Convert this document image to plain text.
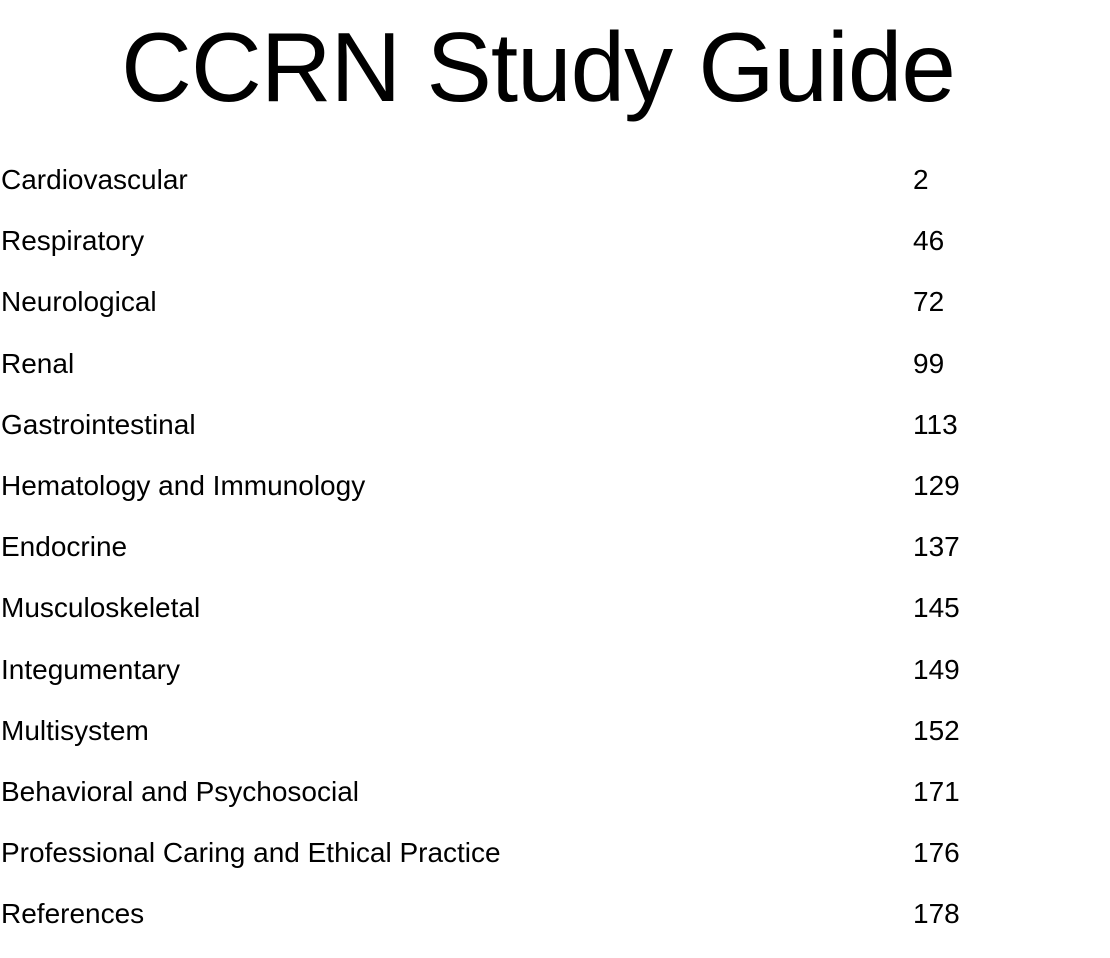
CCRN Study Guide
Cardiovascular	2
Respiratory	46
Neurological	72
Renal	99
Gastrointestinal	113
Hematology and Immunology	129
Endocrine	137
Musculoskeletal	145
Integumentary	149
Multisystem	152
Behavioral and Psychosocial	171
Professional Caring and Ethical Practice	176
References	178
